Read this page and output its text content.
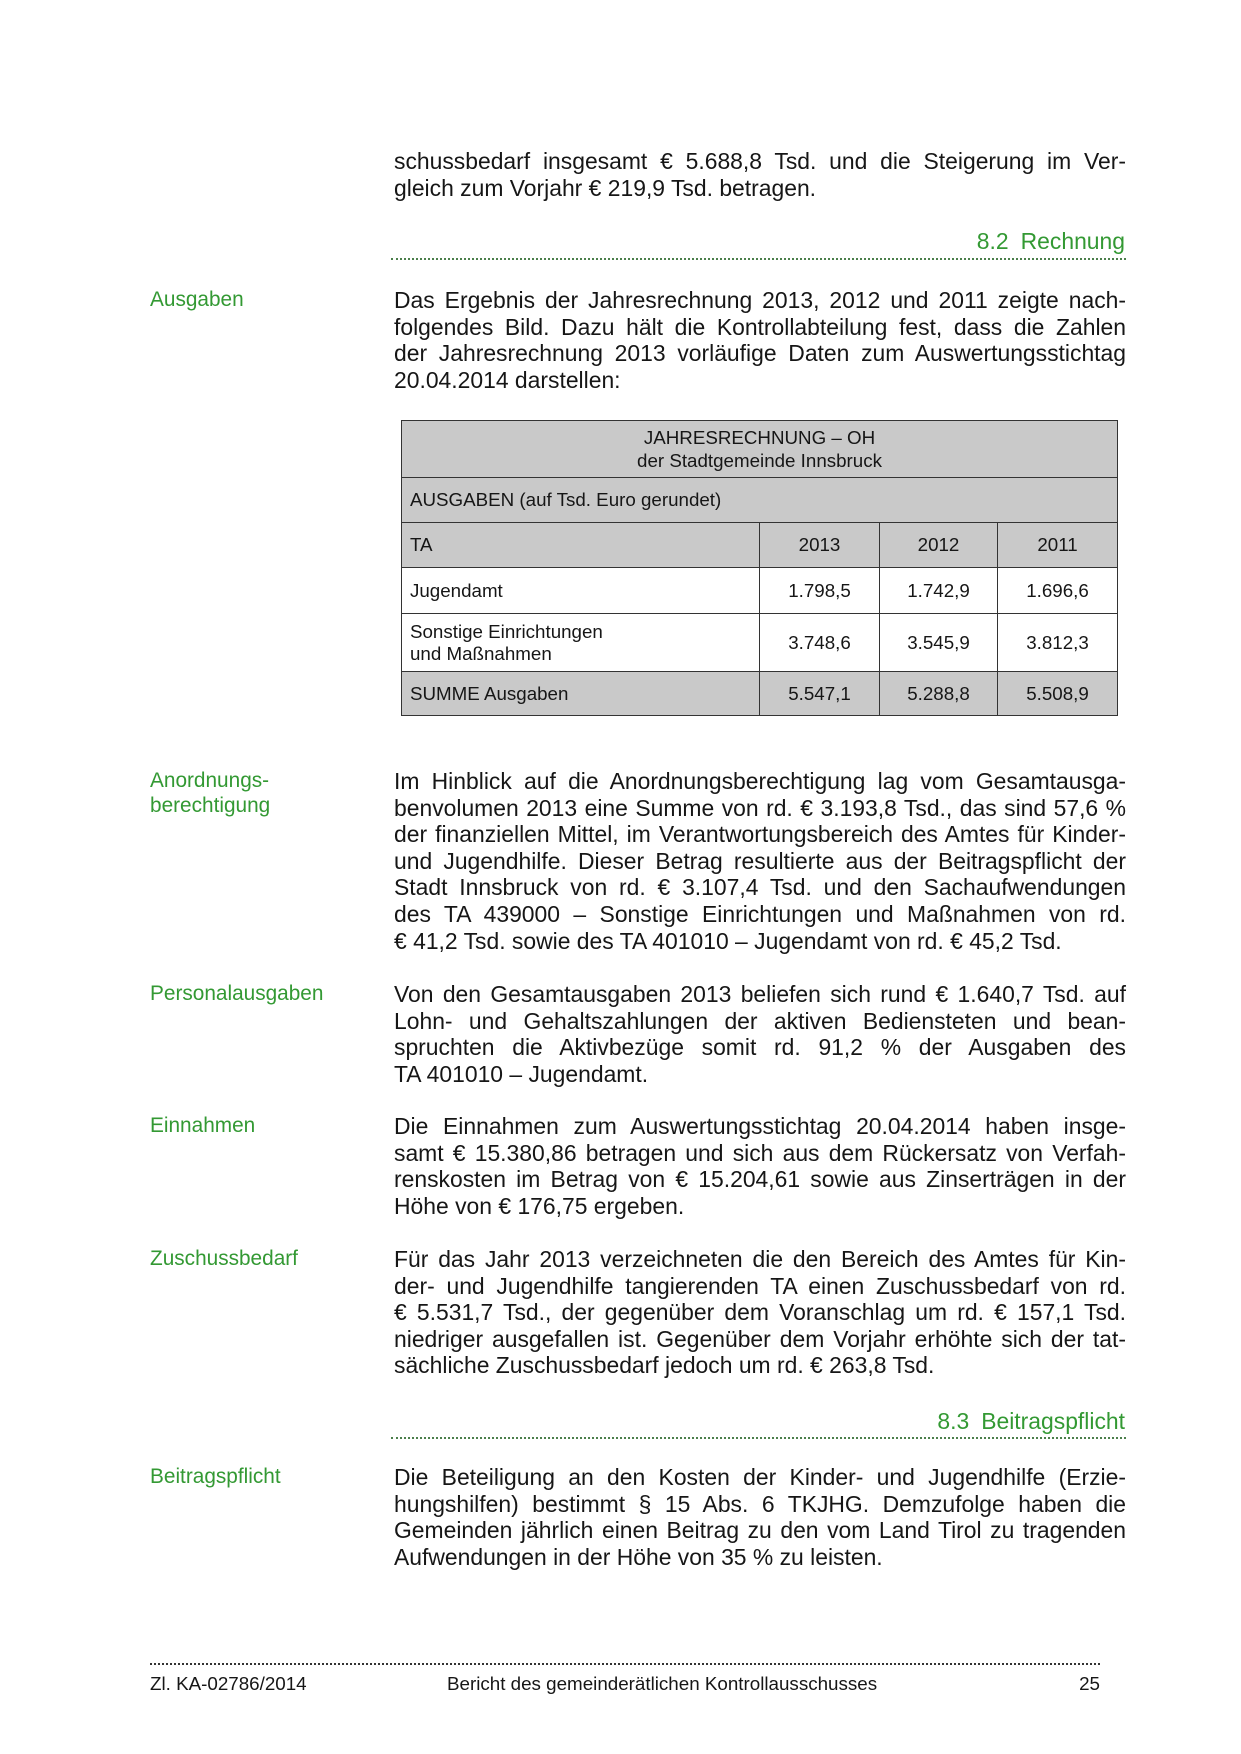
schussbedarf insgesamt € 5.688,8 Tsd. und die Steigerung im Ver-
gleich zum Vorjahr € 219,9 Tsd. betragen.
8.2 Rechnung
Ausgaben	Das Ergebnis der Jahresrechnung 2013, 2012 und 2011 zeigte nach-
folgendes Bild. Dazu hält die Kontrollabteilung fest, dass die Zahlen
der Jahresrechnung 2013 vorläufige Daten zum Auswertungsstichtag
20.04.2014 darstellen:
JAHRESRECHNUNG – OH
der Stadtgemeinde Innsbruck			

AUSGABEN (auf Tsd. Euro gerundet)			
TA	2013	2012	2011
Jugendamt	1.798,5	1.742,9	1.696,6

Sonstige Einrichtungen
und Maßnahmen	3.748,6	3.545,9	3.812,3
SUMME Ausgaben	5.547,1	5.288,8	5.508,9
Anordnungs-
berechtigung
Im Hinblick auf die Anordnungsberechtigung lag vom Gesamtausga-
benvolumen 2013 eine Summe von rd. € 3.193,8 Tsd., das sind 57,6 %
der finanziellen Mittel, im Verantwortungsbereich des Amtes für Kinder-
und Jugendhilfe. Dieser Betrag resultierte aus der Beitragspflicht der
Stadt Innsbruck von rd. € 3.107,4 Tsd. und den Sachaufwendungen
des TA 439000 – Sonstige Einrichtungen und Maßnahmen von rd.
€ 41,2 Tsd. sowie des TA 401010 – Jugendamt von rd. € 45,2 Tsd.
Personalausgaben	Von den Gesamtausgaben 2013 beliefen sich rund € 1.640,7 Tsd. auf
Lohn- und Gehaltszahlungen der aktiven Bediensteten und bean-
spruchten die Aktivbezüge somit rd. 91,2 % der Ausgaben des
TA 401010 – Jugendamt.
Einnahmen	Die Einnahmen zum Auswertungsstichtag 20.04.2014 haben insge-
samt € 15.380,86 betragen und sich aus dem Rückersatz von Verfah-
renskosten im Betrag von € 15.204,61 sowie aus Zinserträgen in der
Höhe von € 176,75 ergeben.
Zuschussbedarf	Für das Jahr 2013 verzeichneten die den Bereich des Amtes für Kin-
der- und Jugendhilfe tangierenden TA einen Zuschussbedarf von rd.
€ 5.531,7 Tsd., der gegenüber dem Voranschlag um rd. € 157,1 Tsd.
niedriger ausgefallen ist. Gegenüber dem Vorjahr erhöhte sich der tat-
sächliche Zuschussbedarf jedoch um rd. € 263,8 Tsd.
8.3 Beitragspflicht
Beitragspflicht	Die Beteiligung an den Kosten der Kinder- und Jugendhilfe (Erzie-
hungshilfen) bestimmt § 15 Abs. 6 TKJHG. Demzufolge haben die
Gemeinden jährlich einen Beitrag zu den vom Land Tirol zu tragenden
Aufwendungen in der Höhe von 35 % zu leisten.
Zl. KA-02786/2014	Bericht des gemeinderätlichen Kontrollausschusses	25
